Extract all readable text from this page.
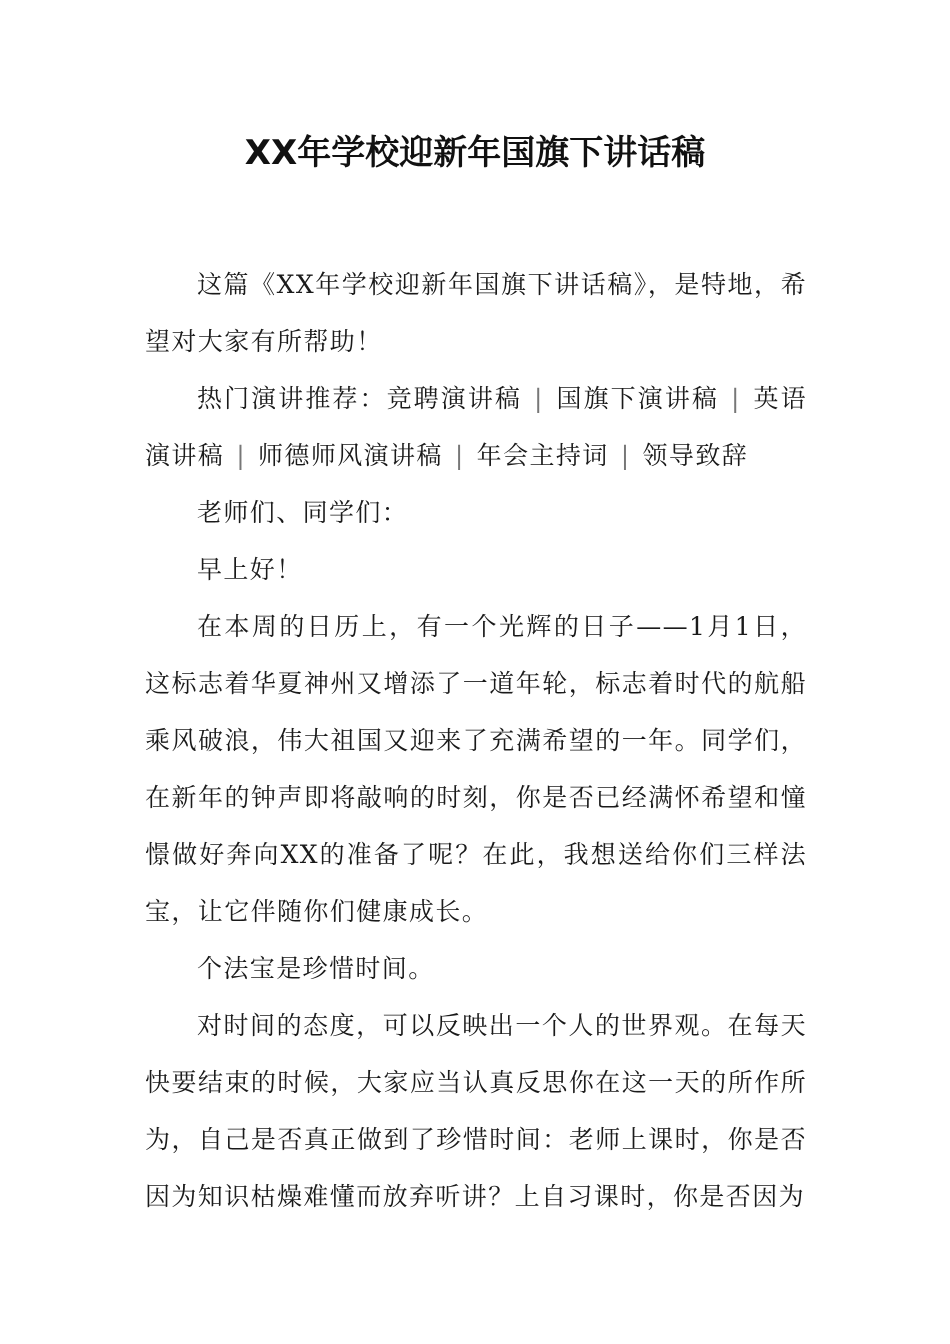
XX年学校迎新年国旗下讲话稿

这篇《XX年学校迎新年国旗下讲话稿》，是特地，希望对大家有所帮助！

热门演讲推荐：竞聘演讲稿 | 国旗下演讲稿 | 英语演讲稿 | 师德师风演讲稿 | 年会主持词 | 领导致辞

老师们、同学们：

早上好！

在本周的日历上，有一个光辉的日子——1月1日，这标志着华夏神州又增添了一道年轮，标志着时代的航船乘风破浪，伟大祖国又迎来了充满希望的一年。同学们，在新年的钟声即将敲响的时刻，你是否已经满怀希望和憧憬做好奔向XX的准备了呢？在此，我想送给你们三样法宝，让它伴随你们健康成长。

个法宝是珍惜时间。

对时间的态度，可以反映出一个人的世界观。在每天快要结束的时候，大家应当认真反思你在这一天的所作所为，自己是否真正做到了珍惜时间：老师上课时，你是否因为知识枯燥难懂而放弃听讲？上自习课时，你是否因为
